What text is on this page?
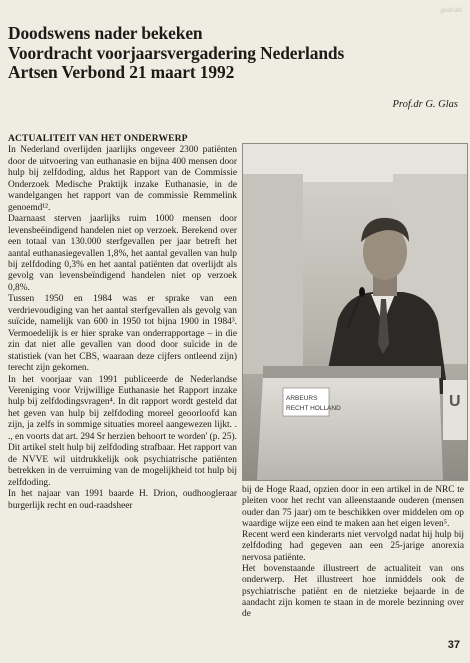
gedrukt
Doodswens nader bekeken
Voordracht voorjaarsvergadering Nederlands
Artsen Verbond 21 maart 1992
Prof.dr G. Glas
ACTUALITEIT VAN HET ONDERWERP

In Nederland overlijden jaarlijks ongeveer 2300 patiënten door de uitvoering van euthanasie en bijna 400 mensen door hulp bij zelfdoding, aldus het Rapport van de Commissie Onderzoek Medische Praktijk inzake Euthanasie, in de wandelgangen het rapport van de commissie Remmelink genoemd¹².

Daarnaast sterven jaarlijks ruim 1000 mensen door levensbeëindigend handelen niet op verzoek. Berekend over een totaal van 130.000 sterfgevallen per jaar betreft het aantal euthanasiegevallen 1,8%, het aantal gevallen van hulp bij zelfdoding 0,3% en het aantal patiënten dat overlijdt als gevolg van levensbeïndigend handelen niet op verzoek 0,8%.

Tussen 1950 en 1984 was er sprake van een verdrievoudiging van het aantal sterfgevallen als gevolg van suïcide, namelijk van 600 in 1950 tot bijna 1900 in 1984³. Vermoedelijk is er hier sprake van onderrapportage – in die zin dat niet alle gevallen van dood door suïcide in de statistiek (van het CBS, waaraan deze cijfers ontleend zijn) terecht zijn gekomen.

In het voorjaar van 1991 publiceerde de Nederlandse Vereniging voor Vrijwillige Euthanasie het Rapport inzake hulp bij zelfdodingsvragen⁴. In dit rapport wordt gesteld dat het geven van hulp bij zelfdoding moreel geoorloofd kan zijn, ja zelfs in sommige situaties moreel aangewezen lijkt. . ., en voorts dat art. 294 Sr herzien behoort te worden' (p. 25). Dit artikel stelt hulp bij zelfdoding strafbaar. Het rapport van de NVVE wil uitdrukkelijk ook psychiatrische patiënten betrekken in de verruiming van de mogelijkheid tot hulp bij zelfdoding.

In het najaar van 1991 baarde H. Drion, oudhoogleraar burgerlijk recht en oud-raadsheer

ARBEURS
RECHT HOLLAND	U

bij de Hoge Raad, opzien door in een artikel in de NRC te pleiten voor het recht van alleenstaande ouderen (mensen ouder dan 75 jaar) om te beschikken over middelen om op waardige wijze een eind te maken aan het eigen leven⁵.

Recent werd een kinderarts niet vervolgd nadat hij hulp bij zelfdoding had gegeven aan een 25-jarige anorexia nervosa patiënte.

Het bovenstaande illustreert de actualiteit van ons onderwerp. Het illustreert hoe inmiddels ook de psychiatrische patiënt en de nietzieke bejaarde in de aandacht zijn komen te staan in de morele bezinning over de

37
